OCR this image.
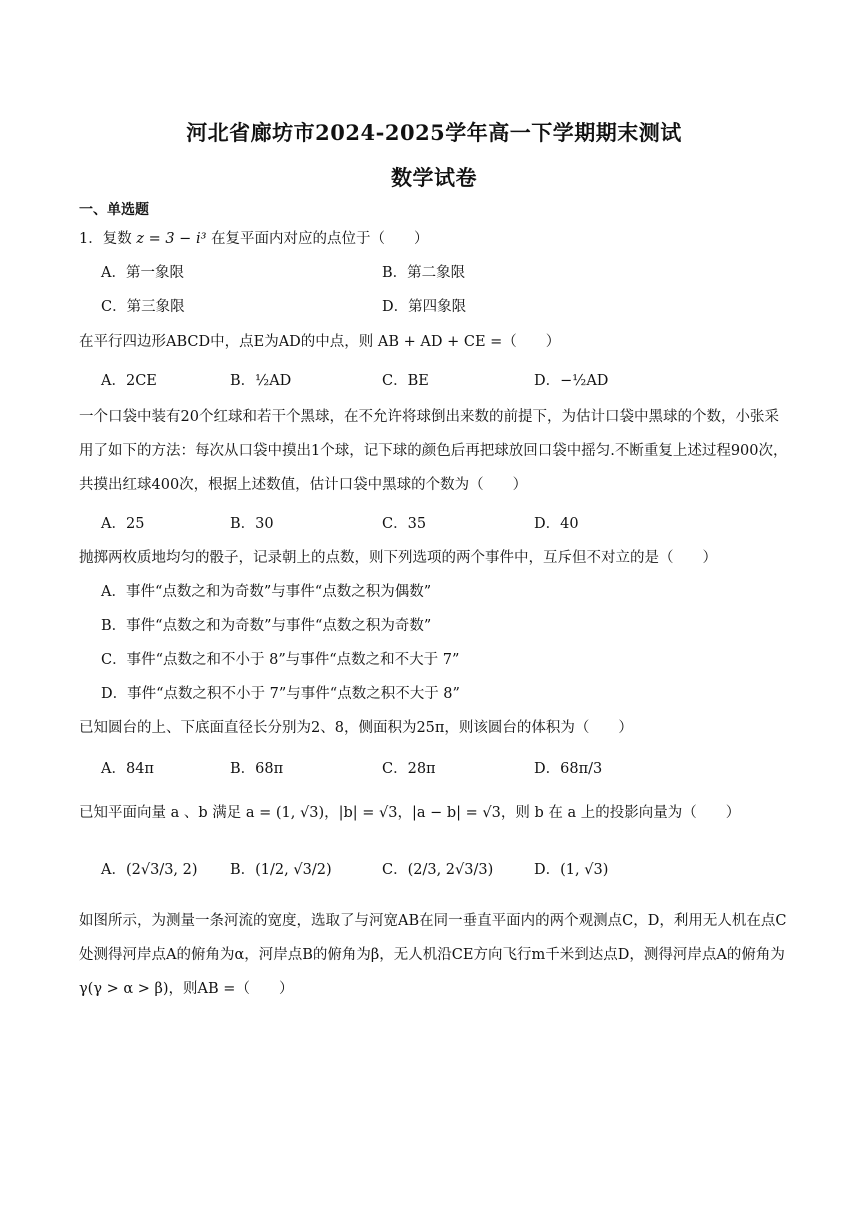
河北省廊坊市2024-2025学年高一下学期期末测试
数学试卷
一、单选题
1．复数 z = 3 − i³ 在复平面内对应的点位于（　　）
A．第一象限	B．第二象限
C．第三象限	D．第四象限
在平行四边形ABCD中，点E为AD的中点，则 AB + AD + CE =（　　）
A．2CE	B．½AD	C．BE	D．−½AD
一个口袋中装有20个红球和若干个黑球，在不允许将球倒出来数的前提下，为估计口袋中黑球的个数，小张采用了如下的方法：每次从口袋中摸出1个球，记下球的颜色后再把球放回口袋中摇匀.不断重复上述过程900次，共摸出红球400次，根据上述数值，估计口袋中黑球的个数为（　　）
A．25	B．30	C．35	D．40
抛掷两枚质地均匀的骰子，记录朝上的点数，则下列选项的两个事件中，互斥但不对立的是（　　）
A．事件“点数之和为奇数”与事件“点数之积为偶数”
B．事件“点数之和为奇数”与事件“点数之积为奇数”
C．事件“点数之和不小于 8”与事件“点数之和不大于 7”
D．事件“点数之积不小于 7”与事件“点数之积不大于 8”
已知圆台的上、下底面直径长分别为2、8，侧面积为25π，则该圆台的体积为（　　）
A．84π	B．68π	C．28π	D．68π/3
已知平面向量 a 、b 满足 a = (1, √3)，|b| = √3，|a − b| = √3，则 b 在 a 上的投影向量为（　　）
A．(2√3/3, 2) B．(1/2, √3/2)	C．(2/3, 2√3/3)	D．(1, √3)
如图所示，为测量一条河流的宽度，选取了与河宽AB在同一垂直平面内的两个观测点C，D，利用无人机在点C处测得河岸点A的俯角为α，河岸点B的俯角为β，无人机沿CE方向飞行m千米到达点D，测得河岸点A的俯角为γ(γ > α > β)，则AB =（　　）
